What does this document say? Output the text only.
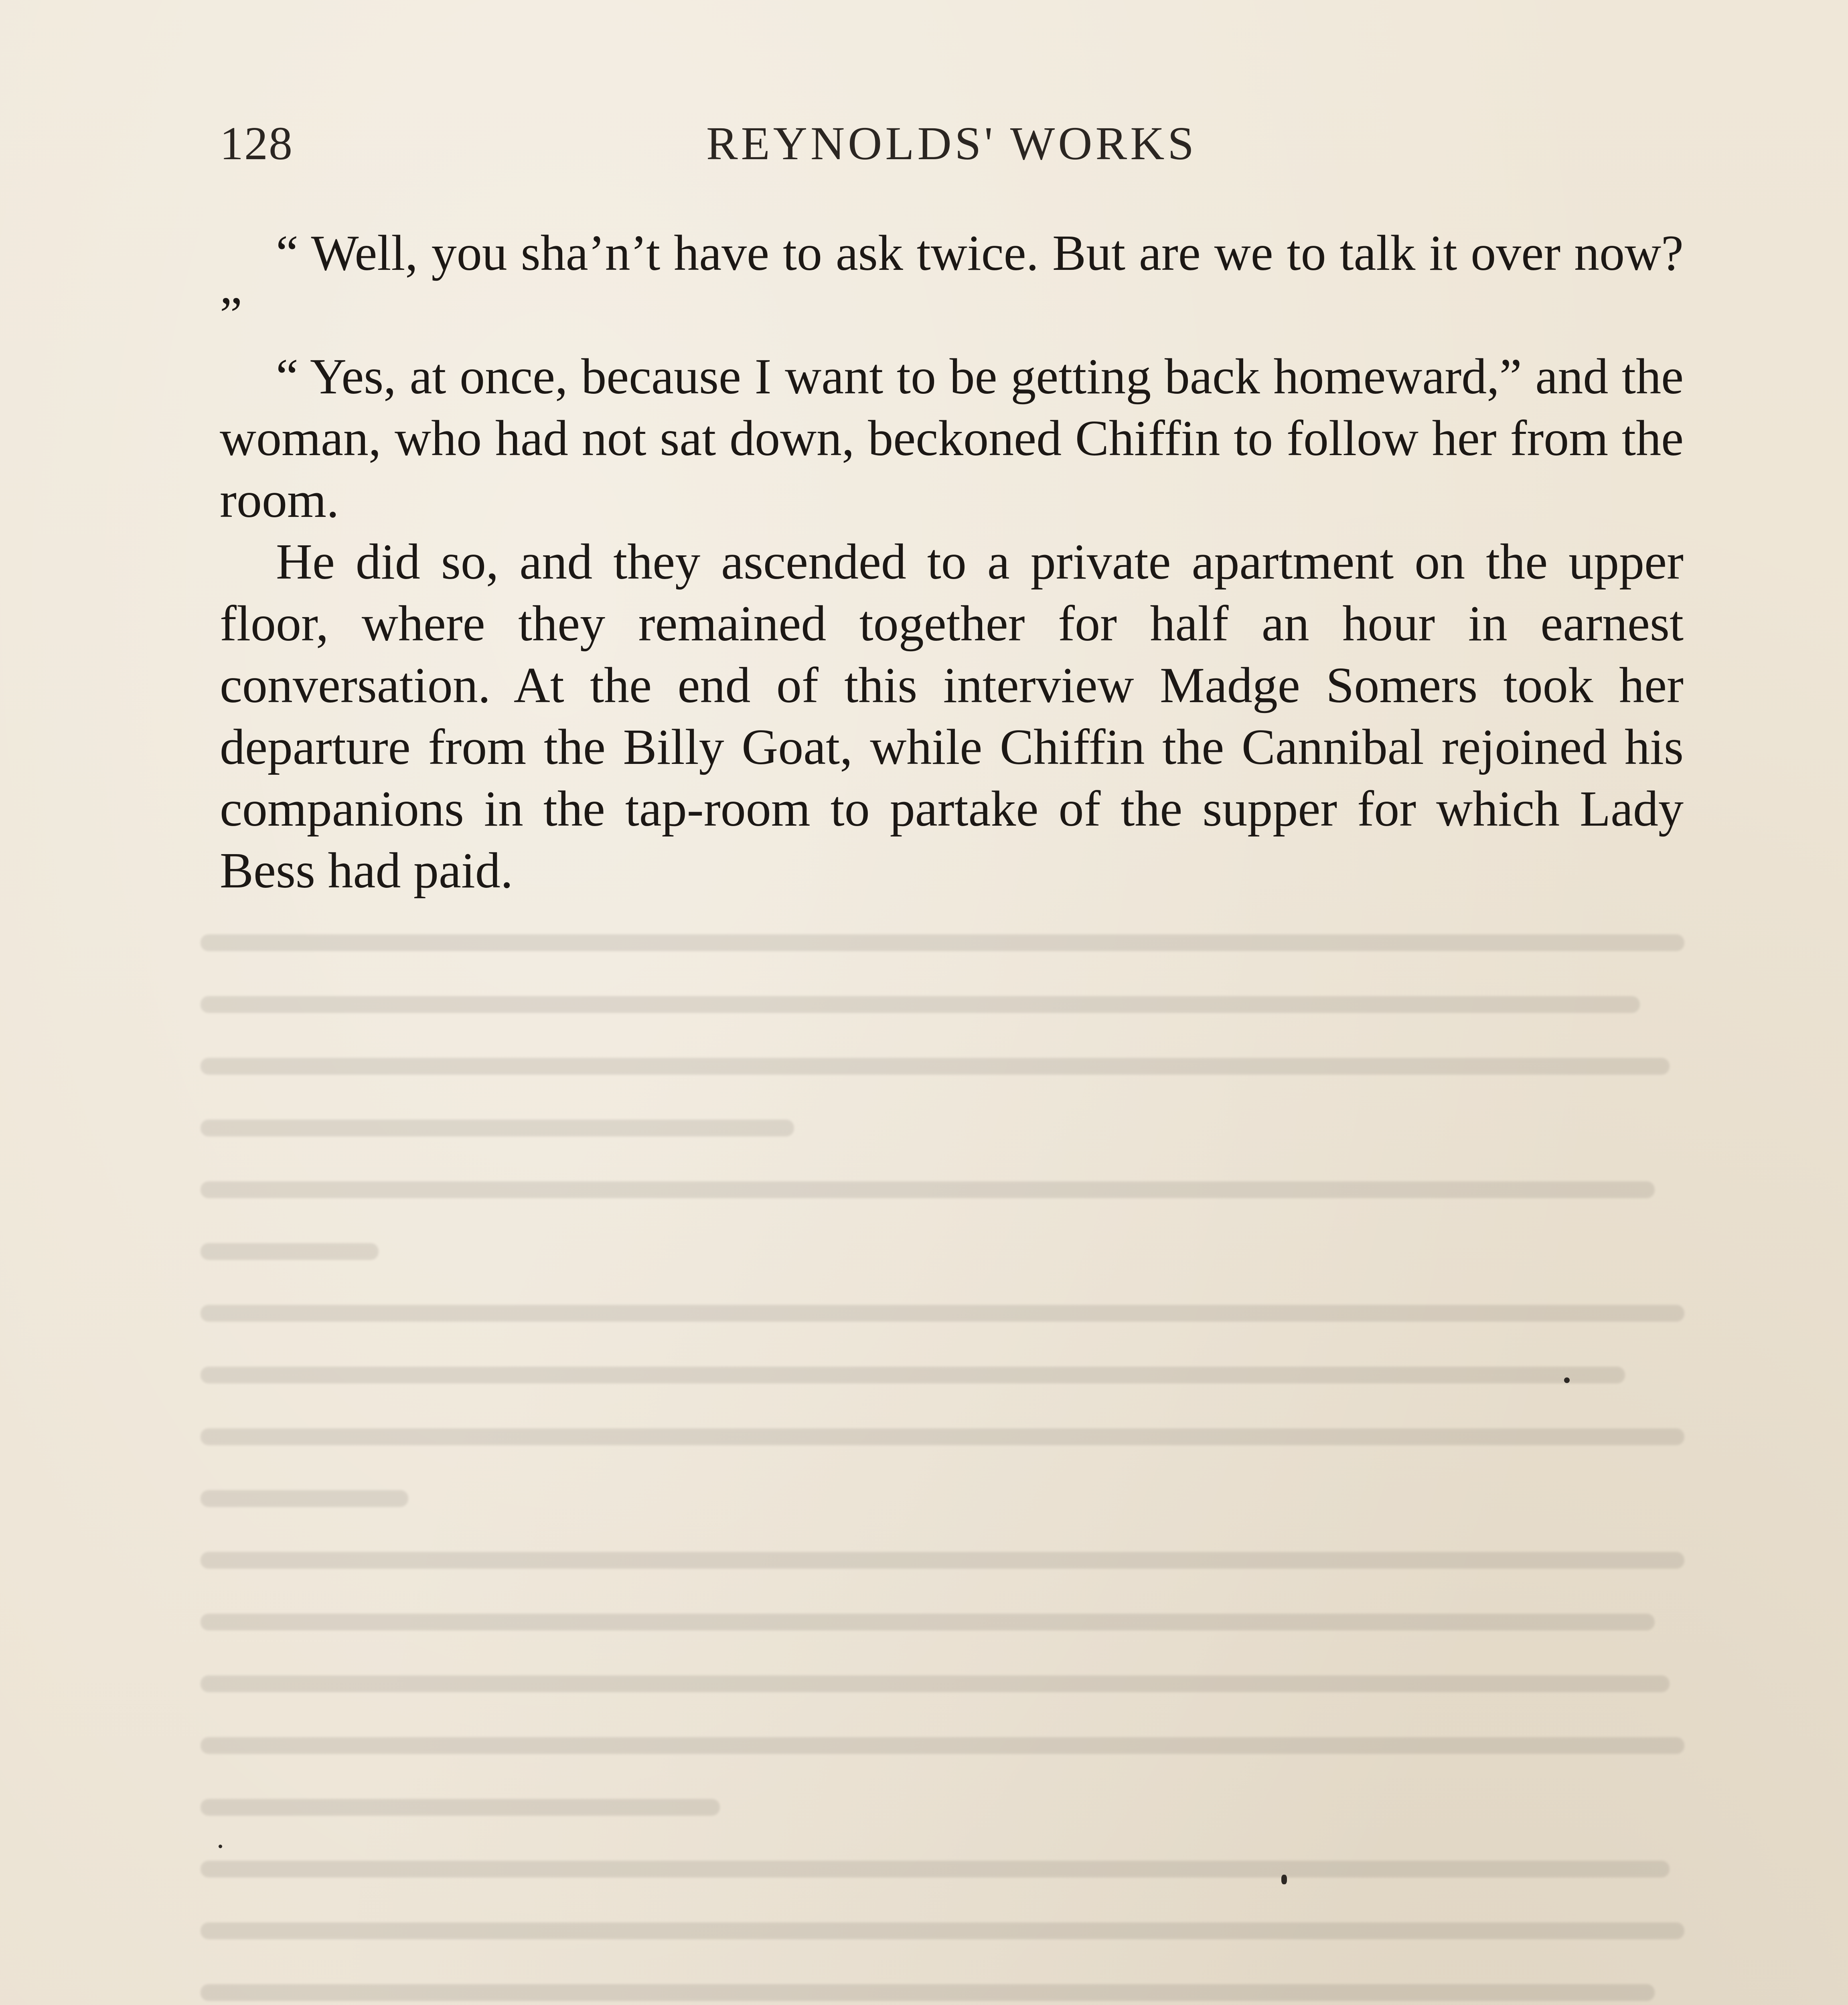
128	REYNOLDS' WORKS

“ Well, you sha’n’t have to ask twice. But are we to talk it over now? ”

“ Yes, at once, because I want to be getting back homeward,” and the woman, who had not sat down, beckoned Chiffin to follow her from the room.

He did so, and they ascended to a private apartment on the upper floor, where they remained together for half an hour in earnest conversation. At the end of this interview Madge Somers took her departure from the Billy Goat, while Chiffin the Cannibal rejoined his companions in the tap-room to partake of the supper for which Lady Bess had paid.
